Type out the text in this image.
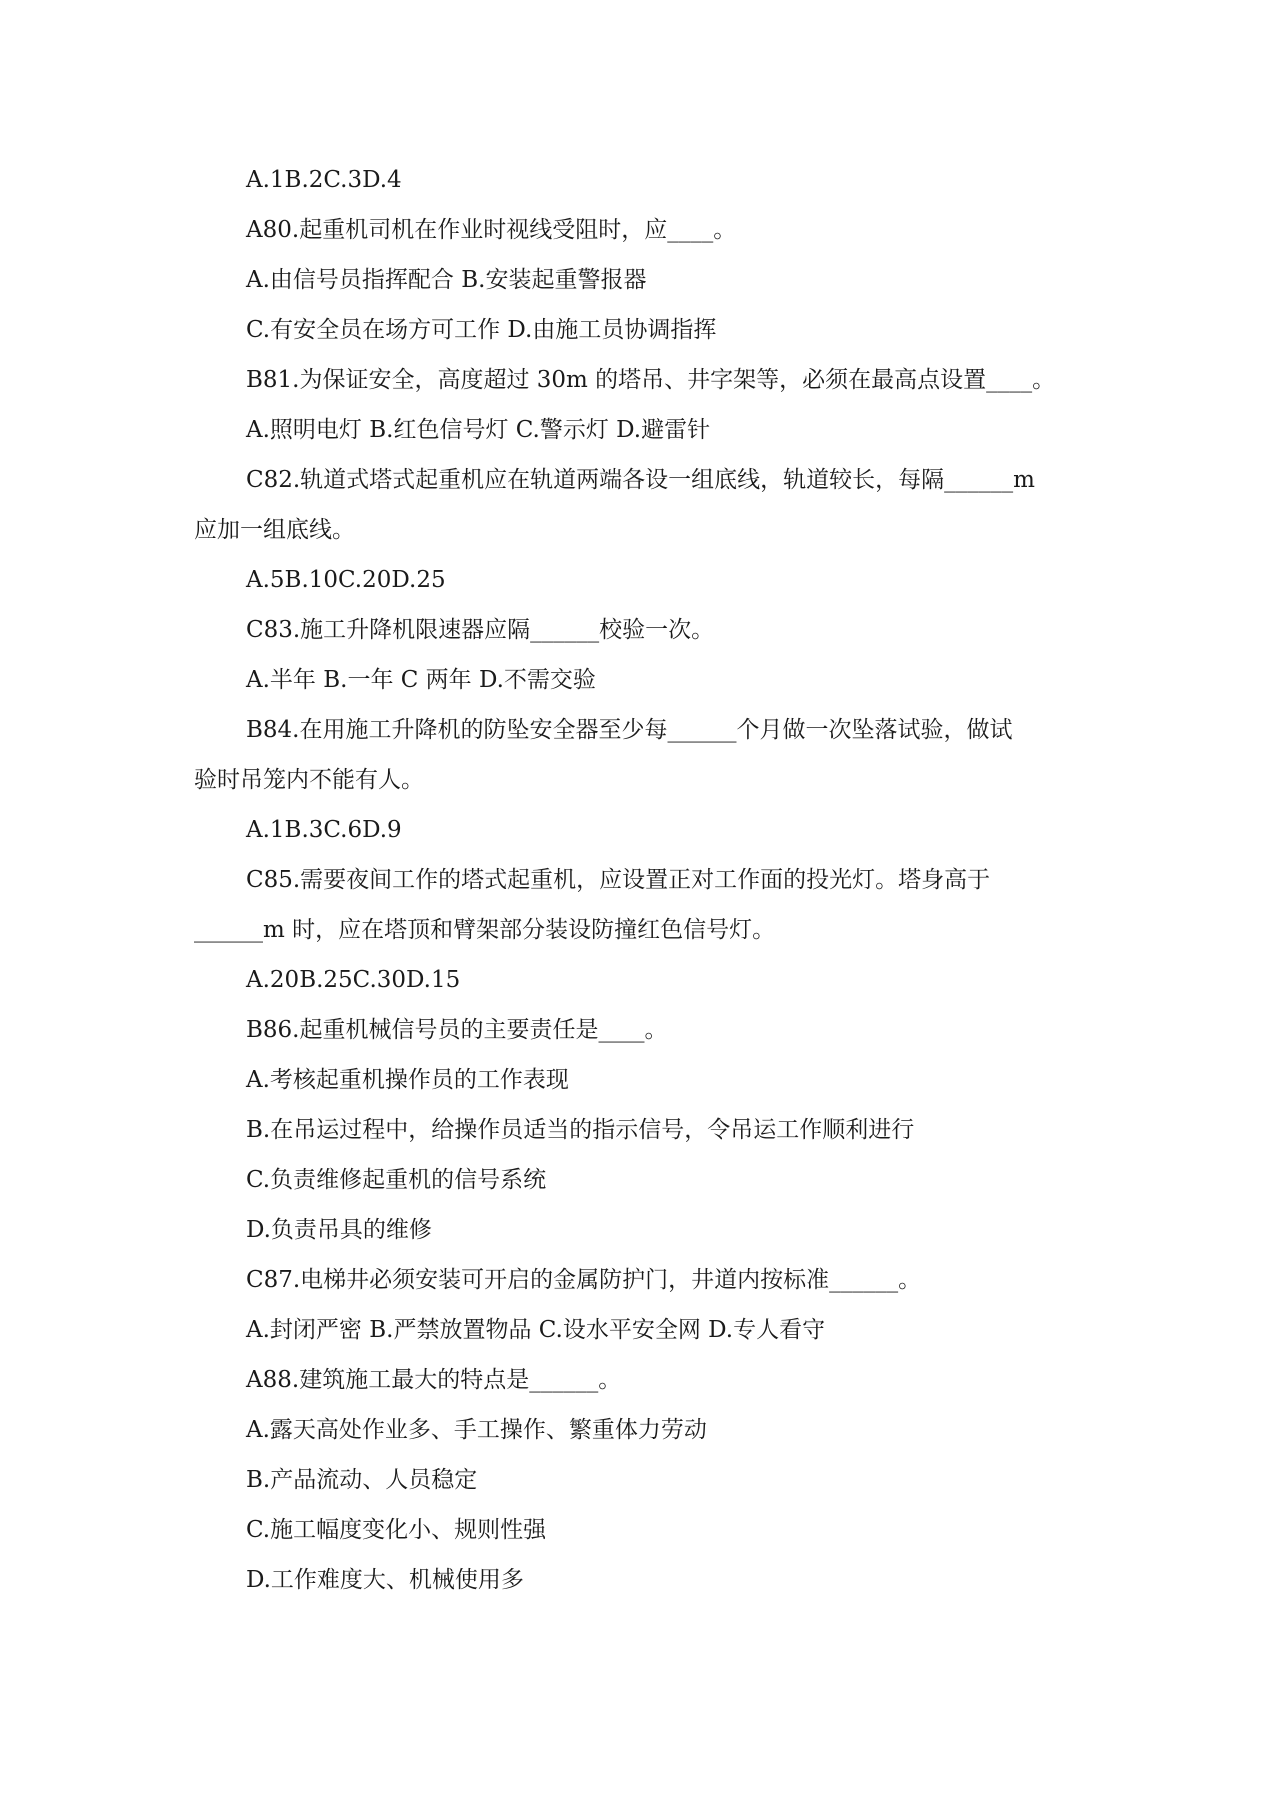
A.1B.2C.3D.4
A80.起重机司机在作业时视线受阻时，应____。
A.由信号员指挥配合 B.安装起重警报器
C.有安全员在场方可工作 D.由施工员协调指挥
B81.为保证安全，高度超过 30m 的塔吊、井字架等，必须在最高点设置____。
A.照明电灯 B.红色信号灯 C.警示灯 D.避雷针
C82.轨道式塔式起重机应在轨道两端各设一组底线，轨道较长，每隔______m
应加一组底线。
A.5B.10C.20D.25
C83.施工升降机限速器应隔______校验一次。
A.半年 B.一年 C 两年 D.不需交验
B84.在用施工升降机的防坠安全器至少每______个月做一次坠落试验，做试
验时吊笼内不能有人。
A.1B.3C.6D.9
C85.需要夜间工作的塔式起重机，应设置正对工作面的投光灯。塔身高于
______m 时，应在塔顶和臂架部分装设防撞红色信号灯。
A.20B.25C.30D.15
B86.起重机械信号员的主要责任是____。
A.考核起重机操作员的工作表现
B.在吊运过程中，给操作员适当的指示信号，令吊运工作顺利进行
C.负责维修起重机的信号系统
D.负责吊具的维修
C87.电梯井必须安装可开启的金属防护门，井道内按标准______。
A.封闭严密 B.严禁放置物品 C.设水平安全网 D.专人看守
A88.建筑施工最大的特点是______。
A.露天高处作业多、手工操作、繁重体力劳动
B.产品流动、人员稳定
C.施工幅度变化小、规则性强
D.工作难度大、机械使用多
